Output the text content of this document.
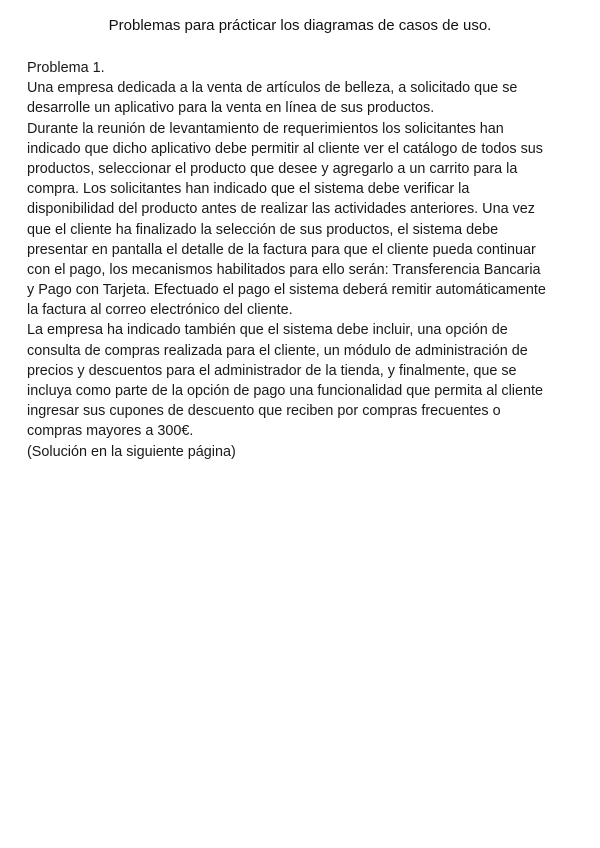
Problemas para prácticar los diagramas de casos de uso.
Problema 1.
Una empresa dedicada a la venta de artículos de belleza, a solicitado que se
desarrolle un aplicativo para la venta en línea de sus productos.
Durante la reunión de levantamiento de requerimientos los solicitantes han
indicado que dicho aplicativo debe permitir al cliente ver el catálogo de todos sus
productos, seleccionar el producto que desee y agregarlo a un carrito para la
compra. Los solicitantes han indicado que el sistema debe verificar la
disponibilidad del producto antes de realizar las actividades anteriores. Una vez
que el cliente ha finalizado la selección de sus productos, el sistema debe
presentar en pantalla el detalle de la factura para que el cliente pueda continuar
con el pago, los mecanismos habilitados para ello serán: Transferencia Bancaria
y Pago con Tarjeta. Efectuado el pago el sistema deberá remitir automáticamente
la factura al correo electrónico del cliente.
La empresa ha indicado también que el sistema debe incluir, una opción de
consulta de compras realizada para el cliente, un módulo de administración de
precios y descuentos para el administrador de la tienda, y finalmente, que se
incluya como parte de la opción de pago una funcionalidad que permita al cliente
ingresar sus cupones de descuento que reciben por compras frecuentes o
compras mayores a 300€.
(Solución en la siguiente página)
